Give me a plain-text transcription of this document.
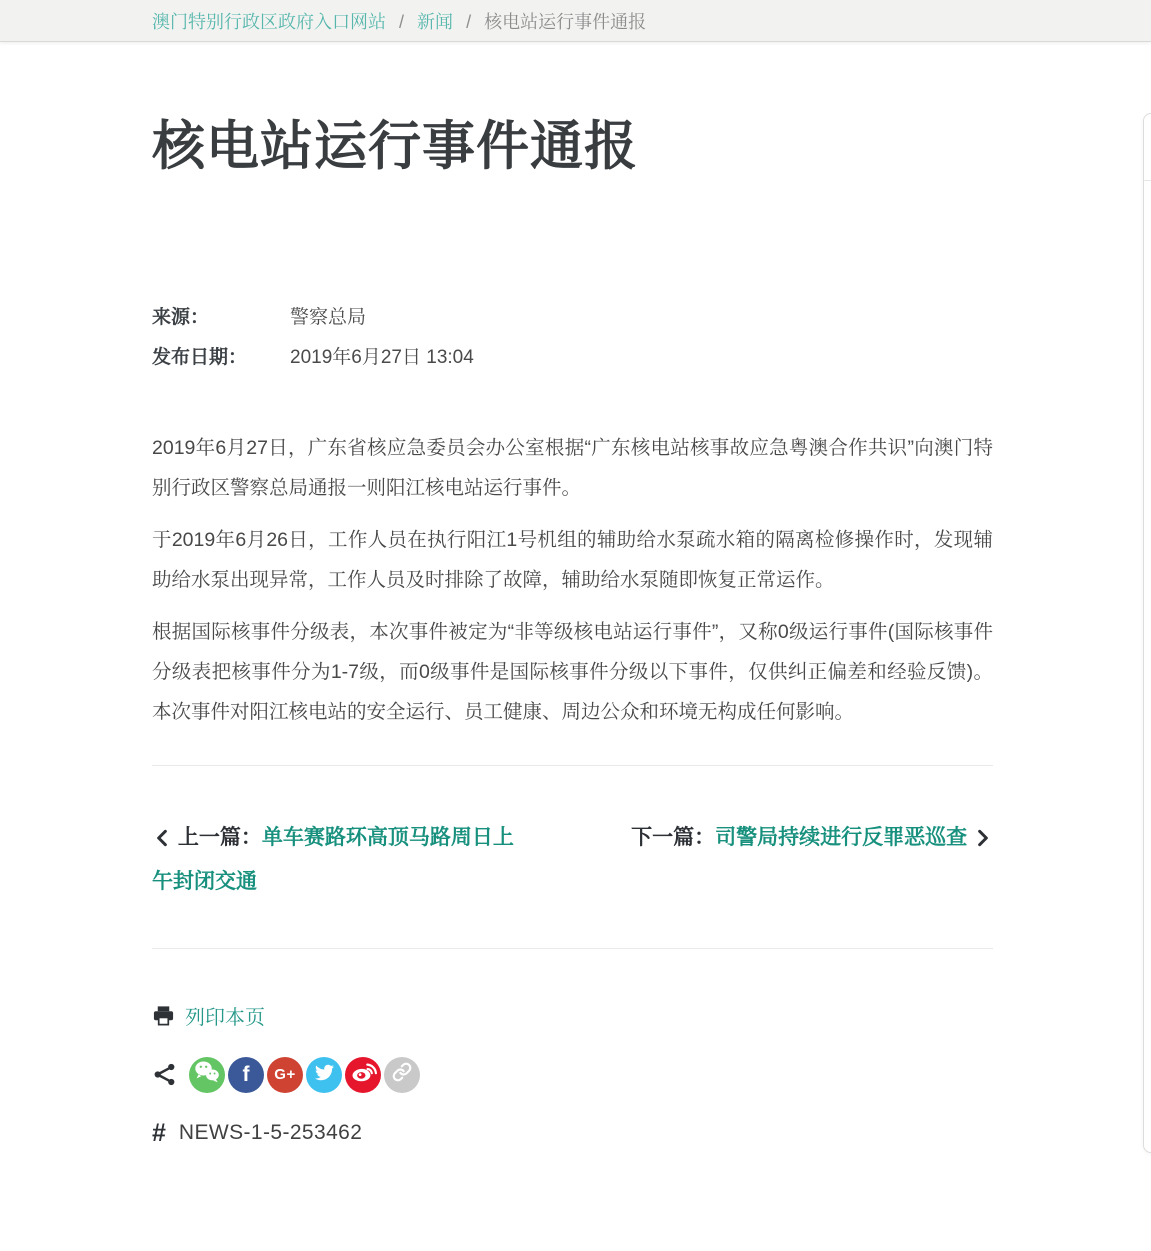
澳门特别行政区政府入口网站 / 新闻 / 核电站运行事件通报
核电站运行事件通报
来源：	警察总局
发布日期：	2019年6月27日 13:04

2019年6月27日，广东省核应急委员会办公室根据“广东核电站核事故应急粤澳合作共识”向澳门特别行政区警察总局通报一则阳江核电站运行事件。

于2019年6月26日，工作人员在执行阳江1号机组的辅助给水泵疏水箱的隔离检修操作时，发现辅助给水泵出现异常，工作人员及时排除了故障，辅助给水泵随即恢复正常运作。

根据国际核事件分级表，本次事件被定为“非等级核电站运行事件”，又称0级运行事件(国际核事件分级表把核事件分为1-7级，而0级事件是国际核事件分级以下事件，仅供纠正偏差和经验反馈)。本次事件对阳江核电站的安全运行、员工健康、周边公众和环境无构成任何影响。

上一篇：单车赛路环高顶马路周日上午封闭交通
下一篇：司警局持续进行反罪恶巡查
列印本页
f G+
# NEWS-1-5-253462
